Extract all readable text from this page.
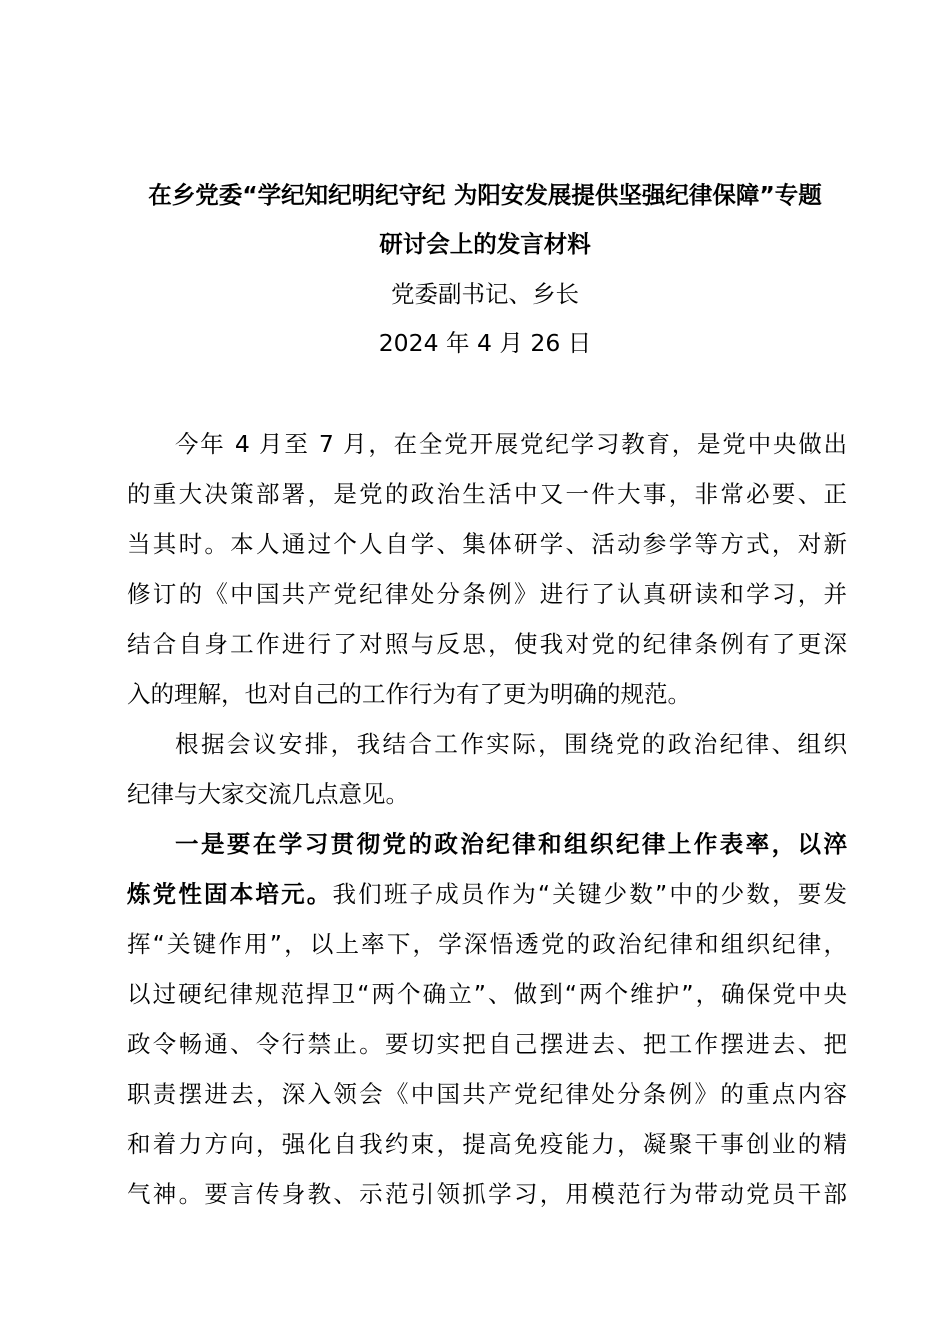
在乡党委“学纪知纪明纪守纪 为阳安发展提供坚强纪律保障”专题
研讨会上的发言材料
党委副书记、乡长
2024 年 4 月 26 日
今年 4 月至 7 月，在全党开展党纪学习教育，是党中央做出
的重大决策部署，是党的政治生活中又一件大事，非常必要、正
当其时。本人通过个人自学、集体研学、活动参学等方式，对新
修订的《中国共产党纪律处分条例》进行了认真研读和学习，并
结合自身工作进行了对照与反思，使我对党的纪律条例有了更深
入的理解，也对自己的工作行为有了更为明确的规范。
根据会议安排，我结合工作实际，围绕党的政治纪律、组织
纪律与大家交流几点意见。
一是要在学习贯彻党的政治纪律和组织纪律上作表率，以淬
炼党性固本培元。我们班子成员作为“关键少数”中的少数，要发
挥“关键作用”，以上率下，学深悟透党的政治纪律和组织纪律，
以过硬纪律规范捍卫“两个确立”、做到“两个维护”，确保党中央
政令畅通、令行禁止。要切实把自己摆进去、把工作摆进去、把
职责摆进去，深入领会《中国共产党纪律处分条例》的重点内容
和着力方向，强化自我约束，提高免疫能力，凝聚干事创业的精
气神。要言传身教、示范引领抓学习，用模范行为带动党员干部
